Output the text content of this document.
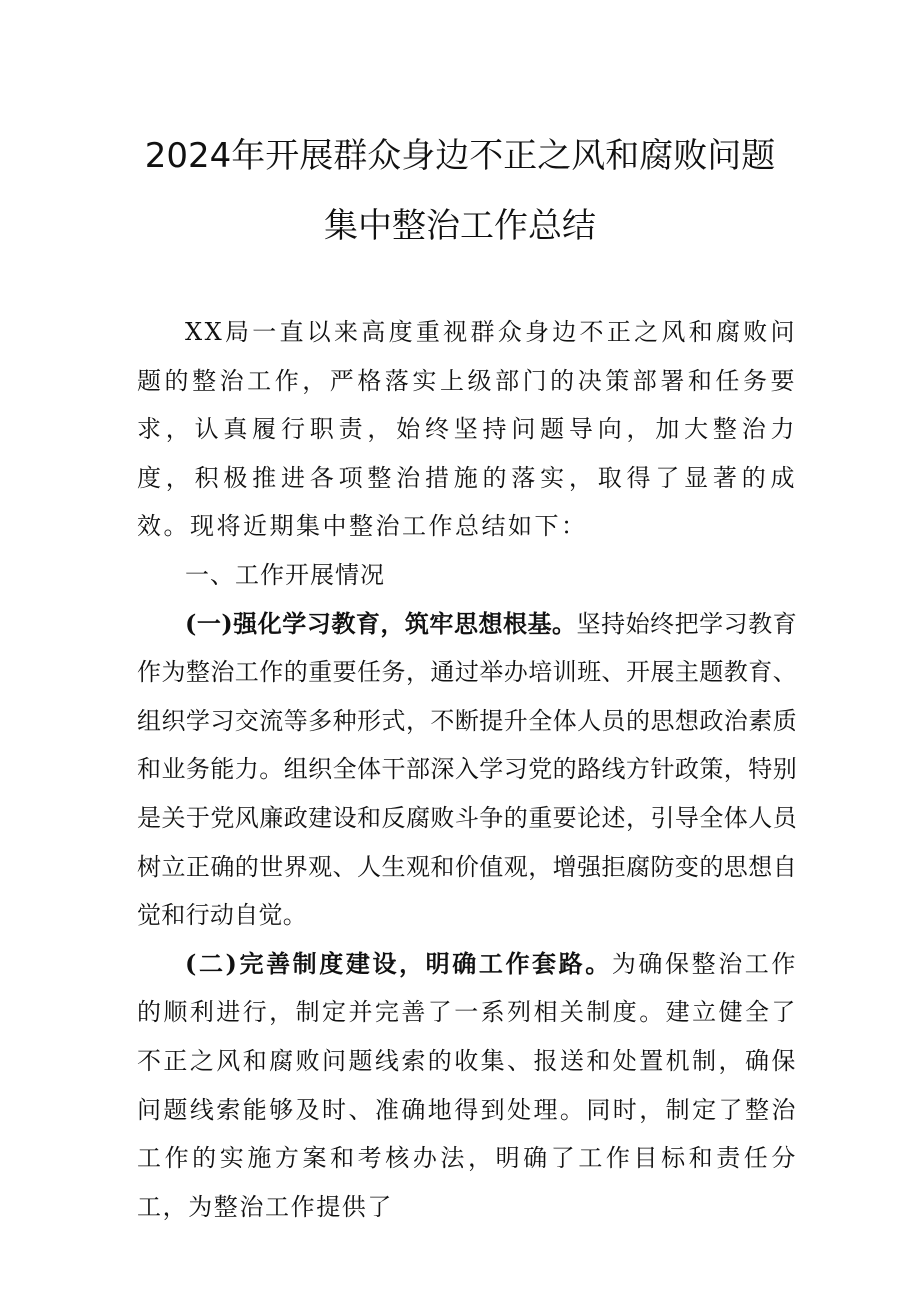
2024年开展群众身边不正之风和腐败问题
集中整治工作总结

XX局一直以来高度重视群众身边不正之风和腐败问题的整治工作，严格落实上级部门的决策部署和任务要求，认真履行职责，始终坚持问题导向，加大整治力度，积极推进各项整治措施的落实，取得了显著的成效。现将近期集中整治工作总结如下：

一、工作开展情况

(一)强化学习教育，筑牢思想根基。坚持始终把学习教育作为整治工作的重要任务，通过举办培训班、开展主题教育、组织学习交流等多种形式，不断提升全体人员的思想政治素质和业务能力。组织全体干部深入学习党的路线方针政策，特别是关于党风廉政建设和反腐败斗争的重要论述，引导全体人员树立正确的世界观、人生观和价值观，增强拒腐防变的思想自觉和行动自觉。

(二)完善制度建设，明确工作套路。为确保整治工作的顺利进行，制定并完善了一系列相关制度。建立健全了不正之风和腐败问题线索的收集、报送和处置机制，确保问题线索能够及时、准确地得到处理。同时，制定了整治工作的实施方案和考核办法，明确了工作目标和责任分工，为整治工作提供了
